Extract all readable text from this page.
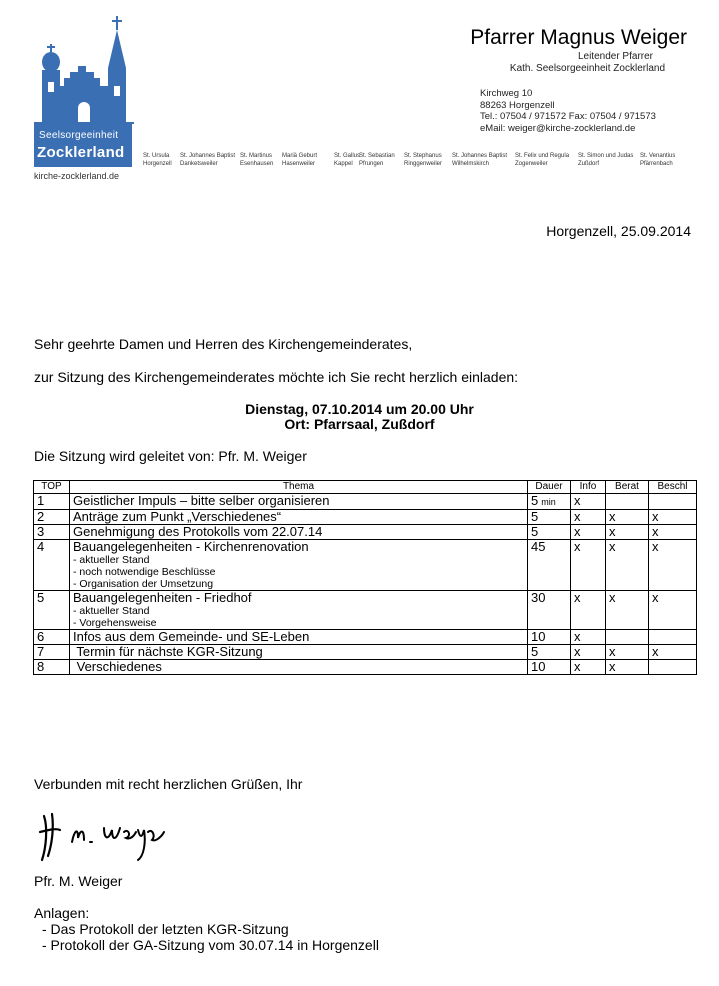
Seelsorgeeinheit
Zocklerland
kirche-zocklerland.de
St. Ursula
Horgenzell
St. Johannes Baptist
Danketsweiler
St. Martinus
Esenhausen
Mariä Geburt
Hasenweiler
St. Gallus
Kappel
St. Sebastian
Pfrungen
St. Stephanus
Ringgenweiler
St. Johannes Baptist
Wilhelmskirch
St. Felix und Regula
Zogenweiler
St. Simon und Judas
Zußdorf
St. Venantius
Pfärrenbach
Pfarrer Magnus Weiger
Leitender Pfarrer
Kath. Seelsorgeeinheit Zocklerland
Kirchweg 10
88263 Horgenzell
Tel.: 07504 / 971572 Fax: 07504 / 971573
eMail: weiger@kirche-zocklerland.de
Horgenzell, 25.09.2014
Sehr geehrte Damen und Herren des Kirchengemeinderates,
zur Sitzung des Kirchengemeinderates möchte ich Sie recht herzlich einladen:
Dienstag, 07.10.2014 um 20.00 Uhr
Ort: Pfarrsaal, Zußdorf
Die Sitzung wird geleitet von: Pfr. M. Weiger
TOP	Thema	Dauer	Info	Berat	Beschl
1	Geistlicher Impuls – bitte selber organisieren	5 min	x		
2	Anträge zum Punkt „Verschiedenes“	5	x	x	x
3	Genehmigung des Protokolls vom 22.07.14	5	x	x	x
4	Bauangelegenheiten - Kirchenrenovation
- aktueller Stand
- noch notwendige Beschlüsse
- Organisation der Umsetzung	45	x	x	x
5	Bauangelegenheiten - Friedhof
- aktueller Stand
- Vorgehensweise	30	x	x	x
6	Infos aus dem Gemeinde- und SE-Leben	10	x		
7	Termin für nächste KGR-Sitzung	5	x	x	x
8	Verschiedenes	10	x	x	
Verbunden mit recht herzlichen Grüßen, Ihr
Pfr. M. Weiger
Anlagen:
- Das Protokoll der letzten KGR-Sitzung
- Protokoll der GA-Sitzung vom 30.07.14 in Horgenzell
